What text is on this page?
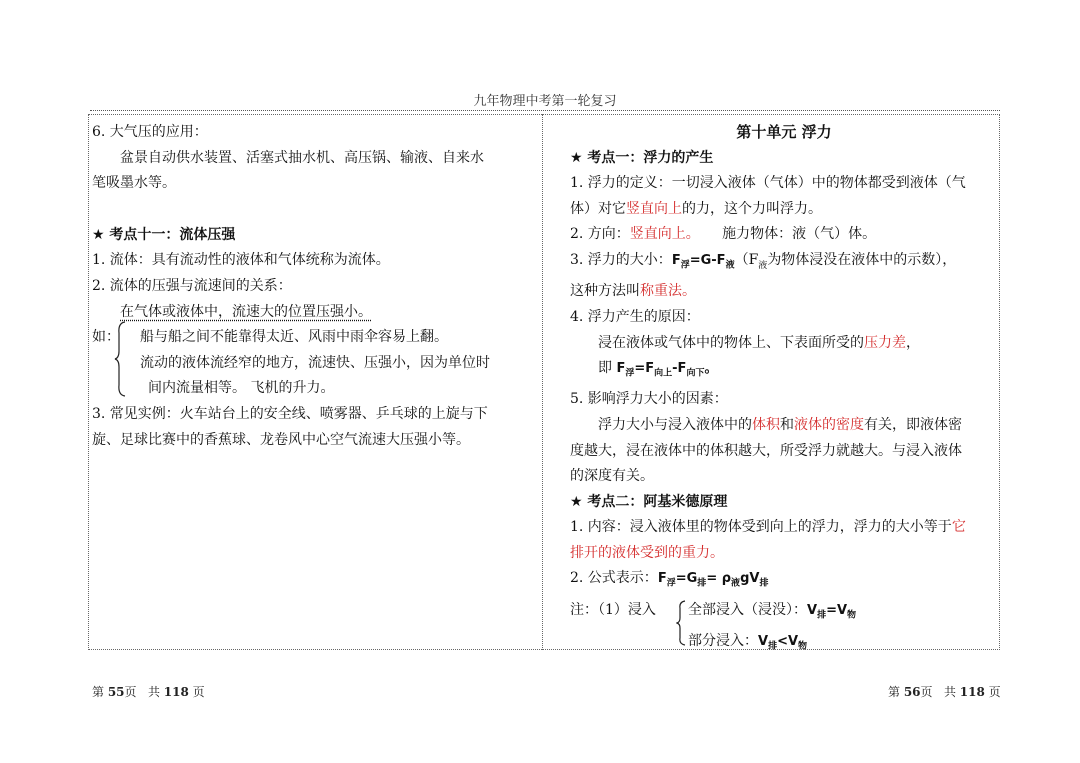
九年物理中考第一轮复习
6. 大气压的应用：
盆景自动供水装置、活塞式抽水机、高压锅、输液、自来水
笔吸墨水等。
★ 考点十一：流体压强
1. 流体：具有流动性的液体和气体统称为流体。
2. 流体的压强与流速间的关系：
在气体或液体中，流速大的位置压强小。
如：	船与船之间不能靠得太近、风雨中雨伞容易上翻。
流动的液体流经窄的地方，流速快、压强小，因为单位时
间内流量相等。 飞机的升力。
3. 常见实例：火车站台上的安全线、喷雾器、乒乓球的上旋与下
旋、足球比赛中的香蕉球、龙卷风中心空气流速大压强小等。
第十单元 浮力
★ 考点一：浮力的产生
1. 浮力的定义：一切浸入液体（气体）中的物体都受到液体（气
体）对它竖直向上的力，这个力叫浮力。
2. 方向：竖直向上。     施力物体：液（气）体。
3. 浮力的大小：$F_浮=G-F_液(F_液$为物体浸没在液体中的示数），
这种方法叫称重法。
4. 浮力产生的原因：
浸在液体或气体中的物体上、下表面所受的压力差，
即 $F_浮=F_{向上}-F_{向下}$。
5. 影响浮力大小的因素：
浮力大小与浸入液体中的体积和液体的密度有关，即液体密
度越大，浸在液体中的体积越大，所受浮力就越大。与浸入液体
的深度有关。
★ 考点二：阿基米德原理
1. 内容：浸入液体里的物体受到向上的浮力，浮力的大小等于它
排开的液体受到的重力。
2. 公式表示：$F_浮=G_排= \rho_液gV_排$
注：（1）浸入	全部浸入（浸没）：$V_排=V_物$
部分浸入：$V_排<V_物$
第 55页   共 118 页	第 56页   共 118 页
